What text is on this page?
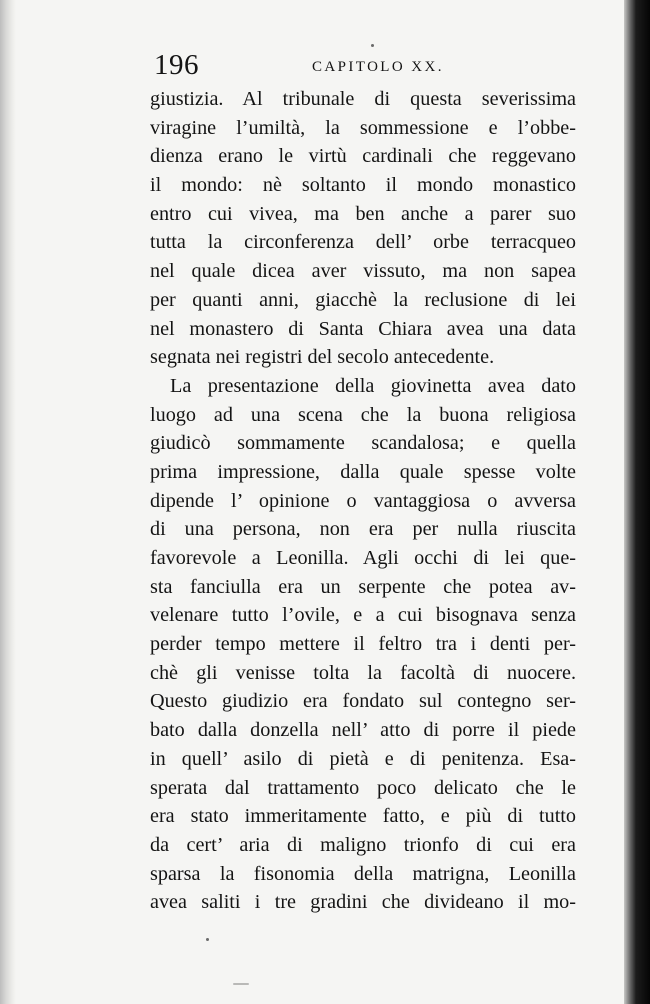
196	CAPITOLO XX.
giustizia. Al tribunale di questa severissima
viragine l’umiltà, la sommessione e l’obbe-
dienza erano le virtù cardinali che reggevano
il mondo: nè soltanto il mondo monastico
entro cui vivea, ma ben anche a parer suo
tutta la circonferenza dell’ orbe terracqueo
nel quale dicea aver vissuto, ma non sapea
per quanti anni, giacchè la reclusione di lei
nel monastero di Santa Chiara avea una data
segnata nei registri del secolo antecedente.
La presentazione della giovinetta avea dato
luogo ad una scena che la buona religiosa
giudicò sommamente scandalosa; e quella
prima impressione, dalla quale spesse volte
dipende l’ opinione o vantaggiosa o avversa
di una persona, non era per nulla riuscita
favorevole a Leonilla. Agli occhi di lei que-
sta fanciulla era un serpente che potea av-
velenare tutto l’ovile, e a cui bisognava senza
perder tempo mettere il feltro tra i denti per-
chè gli venisse tolta la facoltà di nuocere.
Questo giudizio era fondato sul contegno ser-
bato dalla donzella nell’ atto di porre il piede
in quell’ asilo di pietà e di penitenza. Esa-
sperata dal trattamento poco delicato che le
era stato immeritamente fatto, e più di tutto
da cert’ aria di maligno trionfo di cui era
sparsa la fisonomia della matrigna, Leonilla
avea saliti i tre gradini che divideano il mo-
